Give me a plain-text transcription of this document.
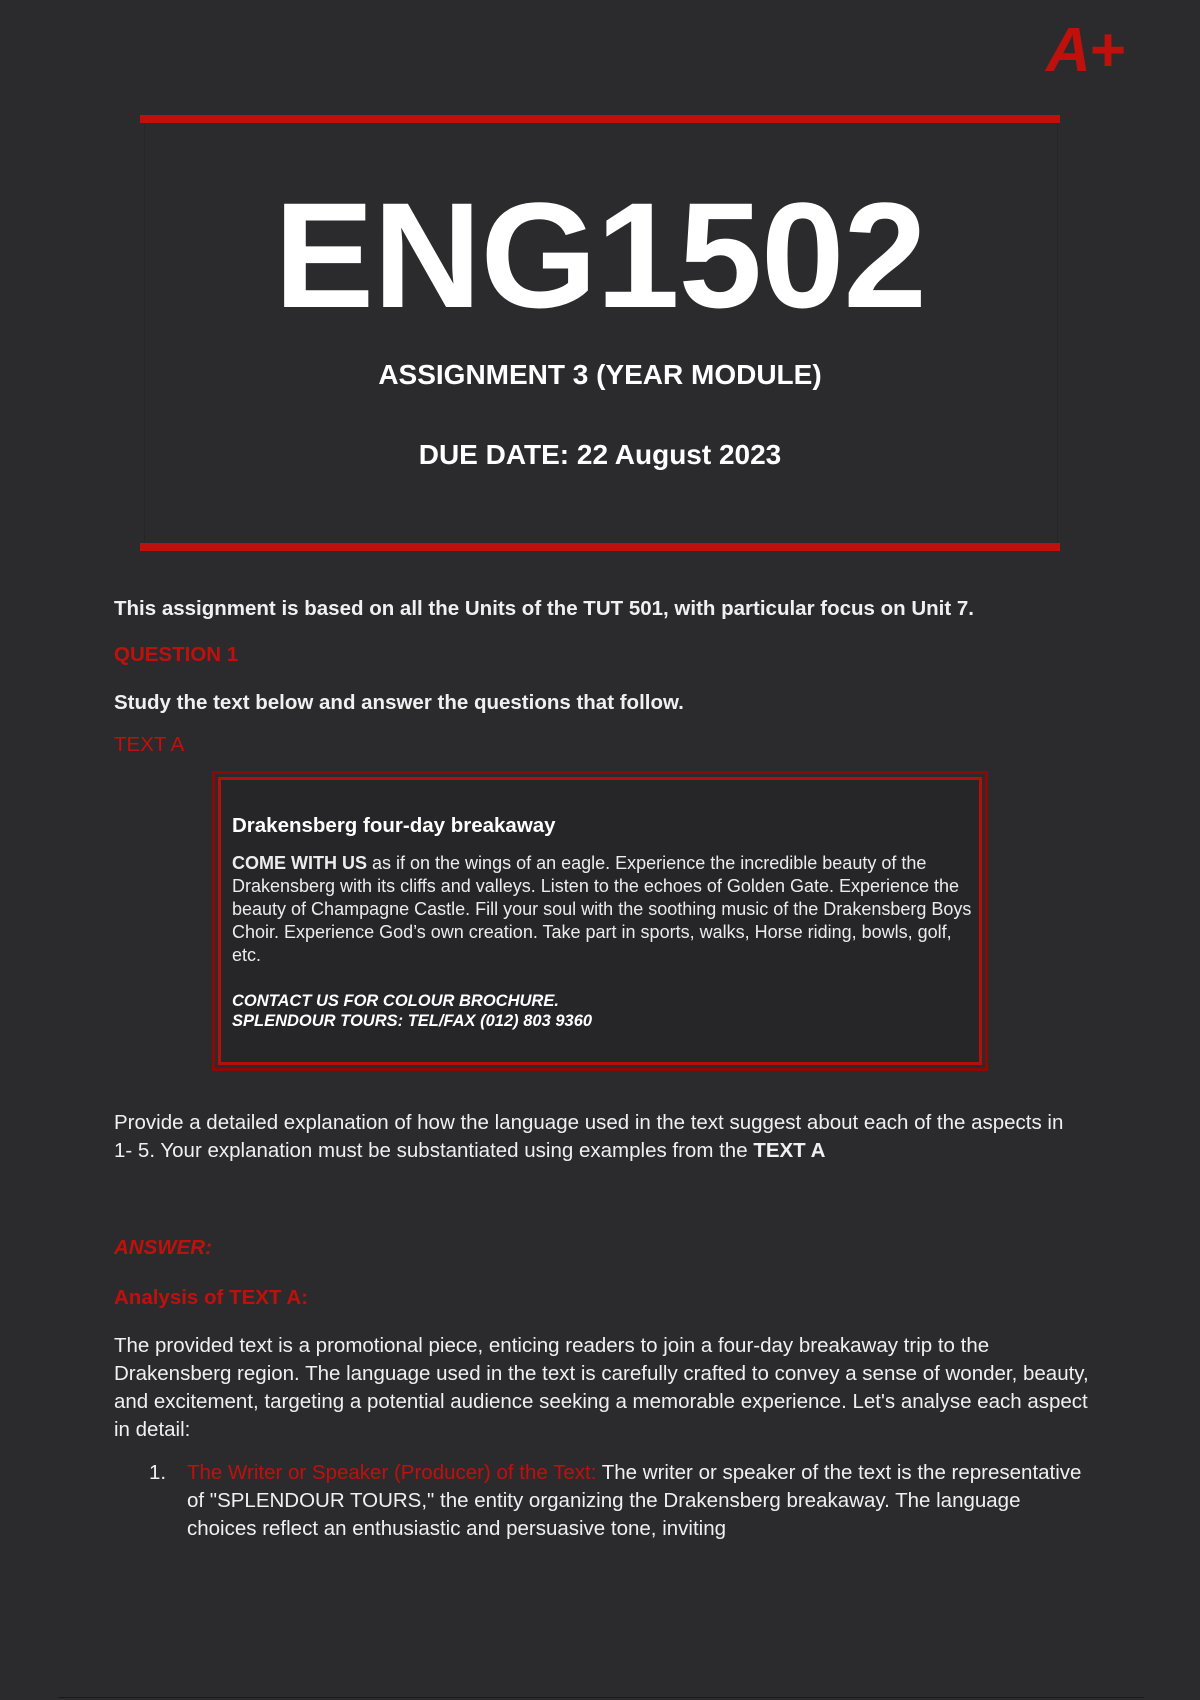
A+
ENG1502
ASSIGNMENT 3 (YEAR MODULE)
DUE DATE: 22 August 2023
This assignment is based on all the Units of the TUT 501, with particular focus on Unit 7.
QUESTION 1
Study the text below and answer the questions that follow.
TEXT A
Drakensberg four-day breakaway
COME WITH US as if on the wings of an eagle. Experience the incredible beauty of the Drakensberg with its cliffs and valleys. Listen to the echoes of Golden Gate. Experience the beauty of Champagne Castle. Fill your soul with the soothing music of the Drakensberg Boys Choir. Experience God’s own creation. Take part in sports, walks, Horse riding, bowls, golf, etc.
CONTACT US FOR COLOUR BROCHURE.
SPLENDOUR TOURS: TEL/FAX (012) 803 9360
Provide a detailed explanation of how the language used in the text suggest about each of the aspects in 1- 5. Your explanation must be substantiated using examples from the TEXT A
ANSWER:
Analysis of TEXT A:
The provided text is a promotional piece, enticing readers to join a four-day breakaway trip to the Drakensberg region. The language used in the text is carefully crafted to convey a sense of wonder, beauty, and excitement, targeting a potential audience seeking a memorable experience. Let's analyse each aspect in detail:
1. The Writer or Speaker (Producer) of the Text: The writer or speaker of the text is the representative of "SPLENDOUR TOURS," the entity organizing the Drakensberg breakaway. The language choices reflect an enthusiastic and persuasive tone, inviting
